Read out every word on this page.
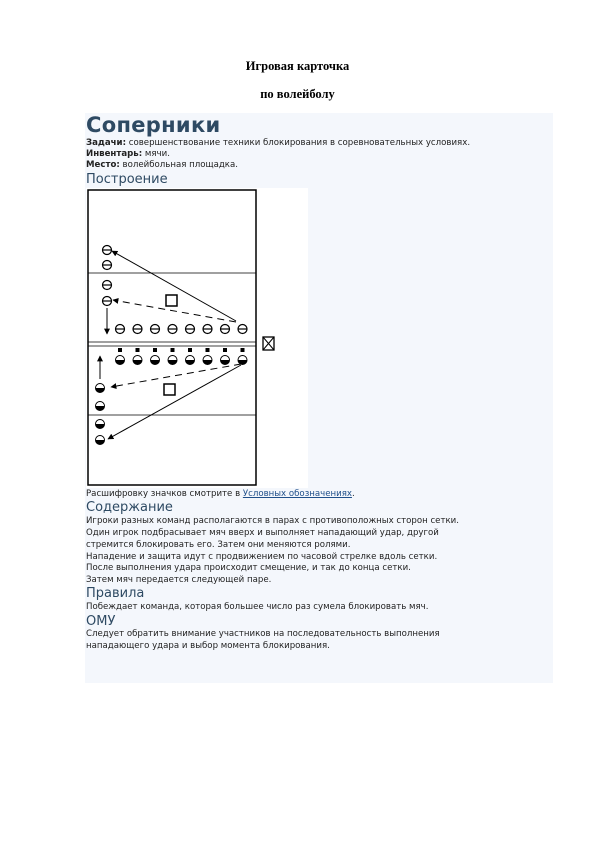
Игровая карточка
по волейболу
Соперники
Задачи: совершенствование техники блокирования в соревновательных условиях.
Инвентарь: мячи.
Место: волейбольная площадка.
Построение
Расшифровку значков смотрите в Условных обозначениях.
Содержание
Игроки разных команд располагаются в парах с противоположных сторон сетки.
Один игрок подбрасывает мяч вверх и выполняет нападающий удар, другой
стремится блокировать его. Затем они меняются ролями.
Нападение и защита идут с продвижением по часовой стрелке вдоль сетки.
После выполнения удара происходит смещение, и так до конца сетки.
Затем мяч передается следующей паре.
Правила
Побеждает команда, которая большее число раз сумела блокировать мяч.
ОМУ
Следует обратить внимание участников на последовательность выполнения
нападающего удара и выбор момента блокирования.
